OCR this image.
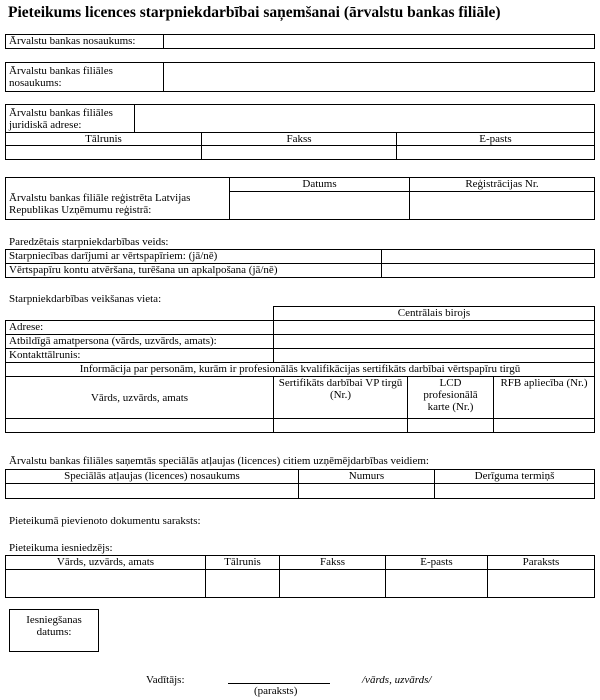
Pieteikums licences starpniekdarbībai saņemšanai (ārvalstu bankas filiāle)
Ārvalstu bankas nosaukums:	
Ārvalstu bankas filiāles nosaukums:	
Ārvalstu bankas filiāles juridiskā adrese:		

Tālrunis	Fakss	E-pasts

Ārvalstu bankas filiāle reģistrēta Latvijas Republikas Uzņēmumu reģistrā:	Datums	Reģistrācijas Nr.

Paredzētais starpniekdarbības veids:
Starpniecības darījumi ar vērtspapīriem: (jā/nē)	
Vērtspapīru kontu atvēršana, turēšana un apkalpošana (jā/nē)	
Starpniekdarbības veikšanas vieta:
	Centrālais birojs		
Adrese:			
Atbildīgā amatpersona (vārds, uzvārds, amats):			
Kontakttālrunis:			
Informācija par personām, kurām ir profesionālās kvalifikācijas sertifikāts darbībai vērtspapīru tirgū			
Vārds, uzvārds, amats	Sertifikāts darbībai VP tirgū (Nr.)	LCD profesionālā karte (Nr.)	RFB apliecība (Nr.)

Ārvalstu bankas filiāles saņemtās speciālās atļaujas (licences) citiem uzņēmējdarbības veidiem:
Speciālās atļaujas (licences) nosaukums	Numurs	Derīguma termiņš

Pieteikumā pievienoto dokumentu saraksts:
Pieteikuma iesniedzējs:
Vārds, uzvārds, amats	Tālrunis	Fakss	E-pasts	Paraksts

Iesniegšanas datums:
Vadītājs:
(paraksts)
/vārds, uzvārds/
